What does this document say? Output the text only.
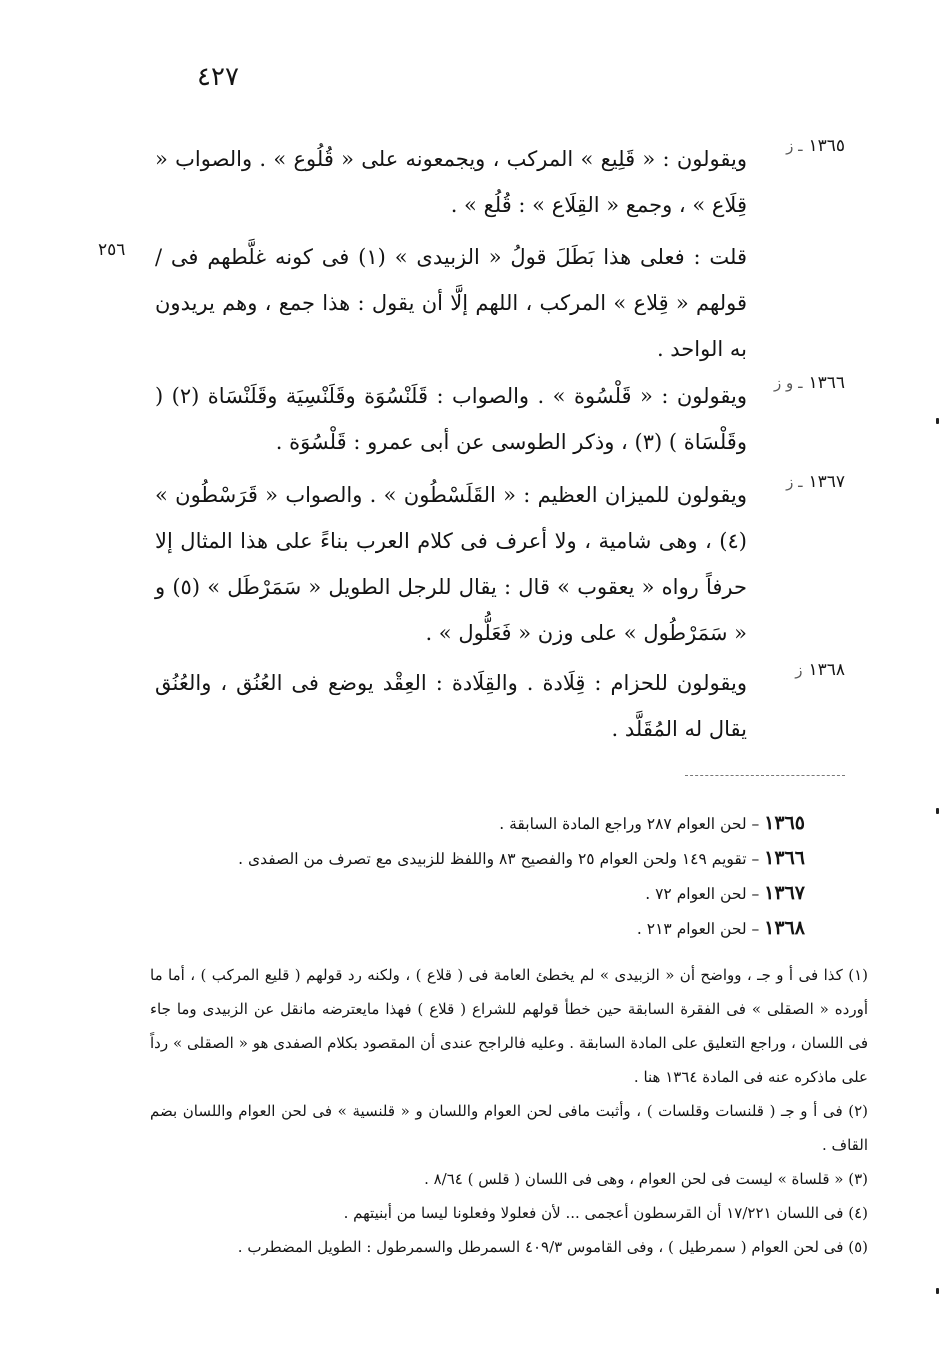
٤٢٧
٢٥٦
١٣٦٥ـ ز

ويقولون : « قَلِيع » المركب ، ويجمعونه على « قُلُوع » . والصواب « قِلَاع » ، وجمع « القِلَاع » : قُلُع » .

قلت : فعلى هذا بَطَلَ قولُ « الزبيدى » (١) فى كونه غلَّطهم فى / قولهم « قِلاع » المركب ، اللهم إلَّا أن يقول : هذا جمع ، وهم يريدون به الواحد .

١٣٦٦ـ و ز

ويقولون : « قَلْسُوة » . والصواب : قَلَنْسُوَة وقَلَنْسِيَة وقَلَنْسَاة (٢) ( وقَلْسَاة ) (٣) ، وذكر الطوسى عن أبى عمرو : قَلْسُوَة .

١٣٦٧ـ ز

ويقولون للميزان العظيم : « القَلَسْطُون » . والصواب « قَرَسْطُون » (٤) ، وهى شامية ، ولا أعرف فى كلام العرب بناءً على هذا المثال إلا حرفاً رواه « يعقوب » قال : يقال للرجل الطويل « سَمَرْطَل » (٥) و « سَمَرْطُول » على وزن « فَعَلُّول » .

١٣٦٨ز

ويقولون للحزام : قِلَادة . والقِلَادة : العِقْد يوضع فى العُنُق ، والعُنُق يقال له المُقَلَّد .

١٣٦٥ – لحن العوام ٢٨٧ وراجع المادة السابقة .
١٣٦٦ – تقويم ١٤٩ ولحن العوام ٢٥ والفصيح ٨٣ واللفظ للزبيدى مع تصرف من الصفدى .
١٣٦٧ – لحن العوام ٧٢ .
١٣٦٨ – لحن العوام ٢١٣ .
(١) كذا فى أ و جـ ، وواضح أن « الزبيدى » لم يخطئ العامة فى ( قلاع ) ، ولكنه رد قولهم ( قليع المركب ) ، أما ما أورده « الصقلى » فى الفقرة السابقة حين خطأ قولهم للشراع ( قلاع ) فهذا مايعترضه مانقل عن الزبيدى وما جاء فى اللسان ، وراجع التعليق على المادة السابقة . وعليه فالراجح عندى أن المقصود بكلام الصفدى هو « الصقلى » رداً على ماذكره عنه فى المادة ١٣٦٤ هنا .
(٢) فى أ و جـ ( قلنسات وقلسات ) ، وأثبت مافى لحن العوام واللسان و « قلنسية » فى لحن العوام واللسان بضم القاف .
(٣) « قلساة » ليست فى لحن العوام ، وهى فى اللسان ( قلس ) ٨/٦٤ .
(٤) فى اللسان ١٧/٢٢١ أن القرسطون أعجمى ... لأن فعلولا وفعلونا ليسا من أبنيتهم .
(٥) فى لحن العوام ( سمرطيل ) ، وفى القاموس ٤٠٩/٣ السمرطل والسمرطول : الطويل المضطرب .
